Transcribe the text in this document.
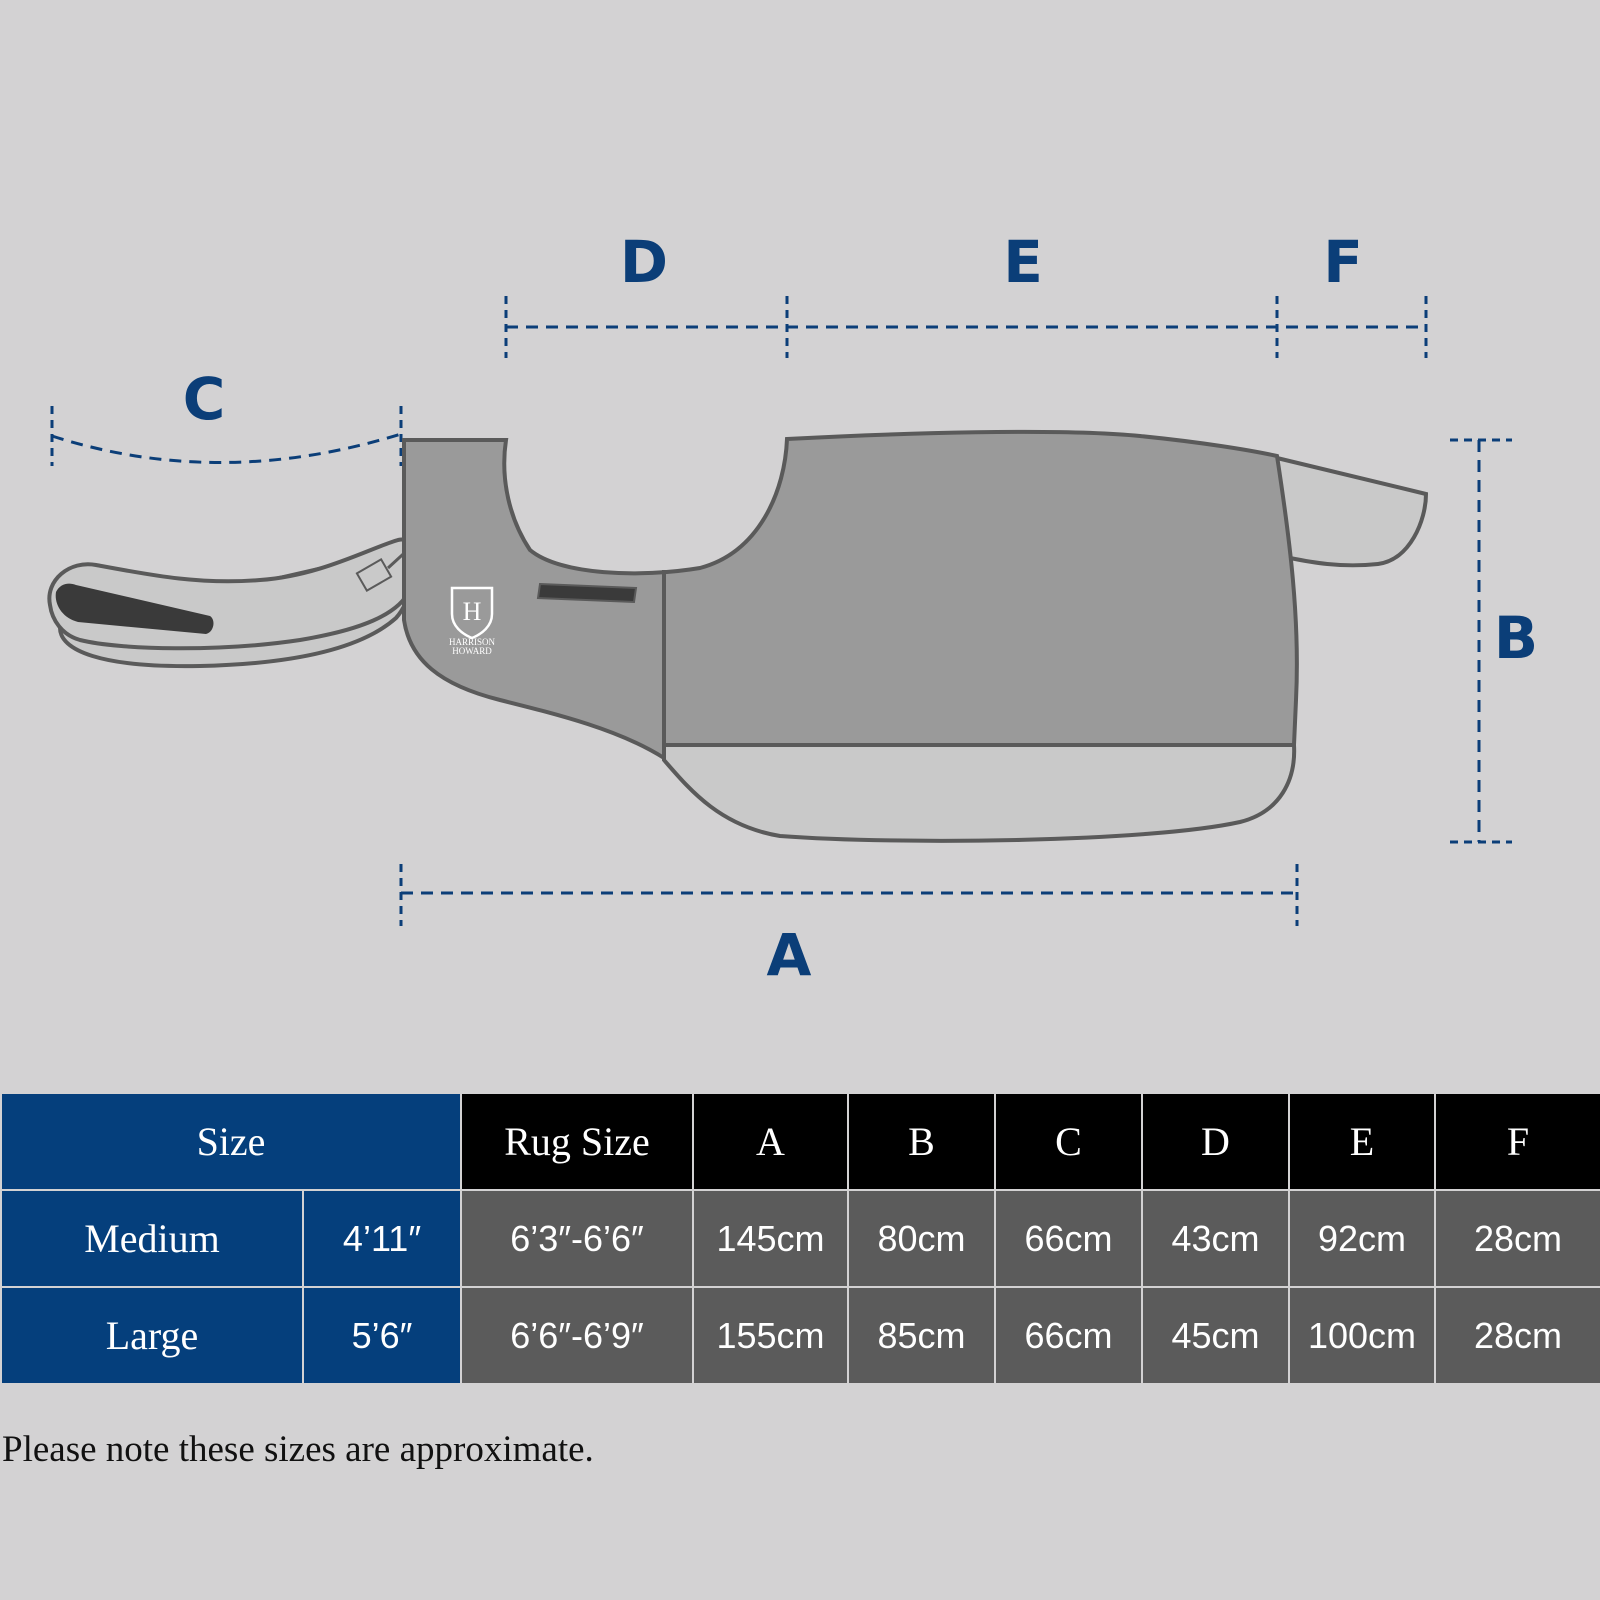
D	E	F
C
B
A
H
HARRISON
HOWARD
Size		Rug Size	A	B	C	D	E	F
Medium	4’11″	6’3″-6’6″	145cm	80cm	66cm	43cm	92cm	28cm
Large	5’6″	6’6″-6’9″	155cm	85cm	66cm	45cm	100cm	28cm
Please note these sizes are approximate.
